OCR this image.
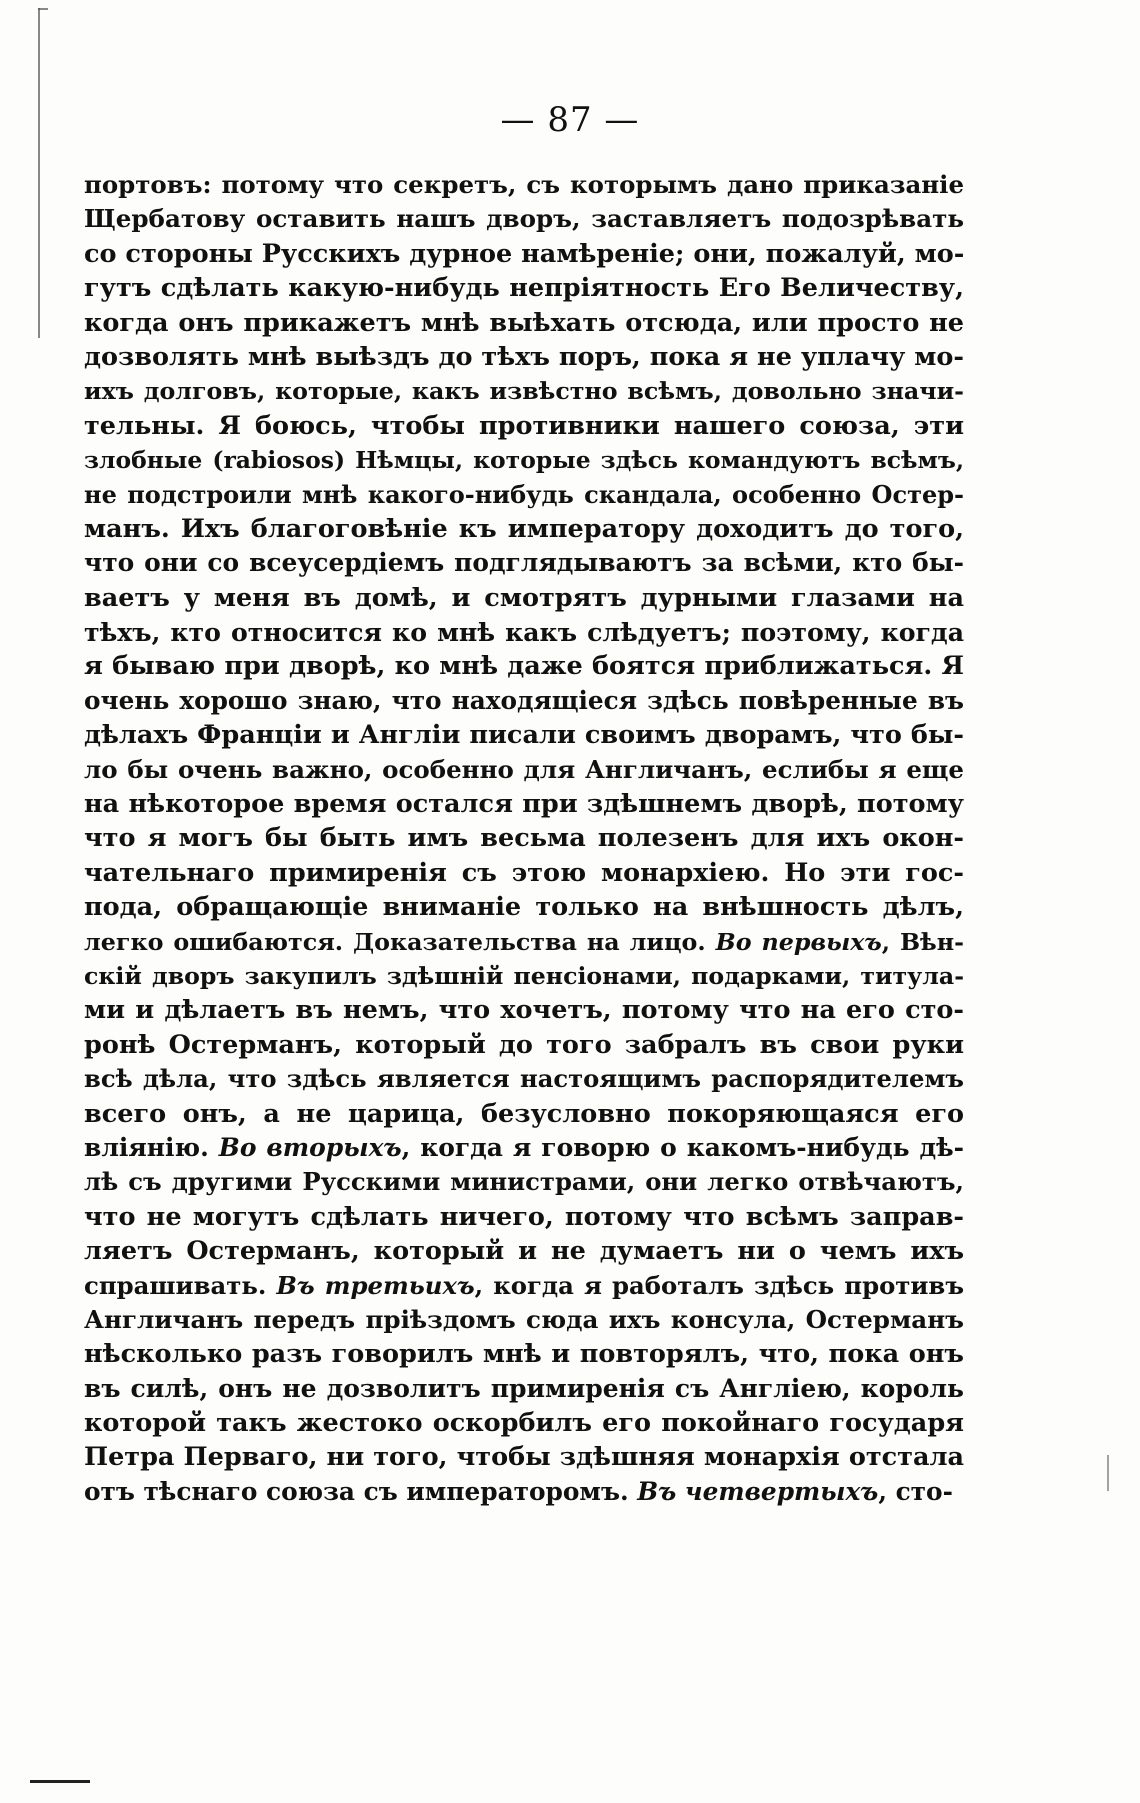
— 87 —
портовъ: потому что секретъ, съ которымъ дано приказаніе
Щербатову оставить нашъ дворъ, заставляетъ подозрѣвать
со стороны Русскихъ дурное намѣреніе; они, пожалуй, мо-
гутъ сдѣлать какую-нибудь непріятность Его Величеству,
когда онъ прикажетъ мнѣ выѣхать отсюда, или просто не
дозволять мнѣ выѣздъ до тѣхъ поръ, пока я не уплачу мо-
ихъ долговъ, которые, какъ извѣстно всѣмъ, довольно значи-
тельны. Я боюсь, чтобы противники нашего союза, эти
злобные (rabiosos) Нѣмцы, которые здѣсь командуютъ всѣмъ,
не подстроили мнѣ какого-нибудь скандала, особенно Остер-
манъ. Ихъ благоговѣніе къ императору доходитъ до того,
что они со всеусердіемъ подглядываютъ за всѣми, кто бы-
ваетъ у меня въ домѣ, и смотрятъ дурными глазами на
тѣхъ, кто относится ко мнѣ какъ слѣдуетъ; поэтому, когда
я бываю при дворѣ, ко мнѣ даже боятся приближаться. Я
очень хорошо знаю, что находящіеся здѣсь повѣренные въ
дѣлахъ Франціи и Англіи писали своимъ дворамъ, что бы-
ло бы очень важно, особенно для Англичанъ, еслибы я еще
на нѣкоторое время остался при здѣшнемъ дворѣ, потому
что я могъ бы быть имъ весьма полезенъ для ихъ окон-
чательнаго примиренія съ этою монархіею. Но эти гос-
пода, обращающіе вниманіе только на внѣшность дѣлъ,
легко ошибаются. Доказательства на лицо. Во первыхъ, Вѣн-
скій дворъ закупилъ здѣшній пенсіонами, подарками, титула-
ми и дѣлаетъ въ немъ, что хочетъ, потому что на его сто-
ронѣ Остерманъ, который до того забралъ въ свои руки
всѣ дѣла, что здѣсь является настоящимъ распорядителемъ
всего онъ, а не царица, безусловно покоряющаяся его
вліянію. Во вторыхъ, когда я говорю о какомъ-нибудь дѣ-
лѣ съ другими Русскими министрами, они легко отвѣчаютъ,
что не могутъ сдѣлать ничего, потому что всѣмъ заправ-
ляетъ Остерманъ, который и не думаетъ ни о чемъ ихъ
спрашивать. Въ третьихъ, когда я работалъ здѣсь противъ
Англичанъ передъ пріѣздомъ сюда ихъ консула, Остерманъ
нѣсколько разъ говорилъ мнѣ и повторялъ, что, пока онъ
въ силѣ, онъ не дозволитъ примиренія съ Англіею, король
которой такъ жестоко оскорбилъ его покойнаго государя
Петра Перваго, ни того, чтобы здѣшняя монархія отстала
отъ тѣснаго союза съ императоромъ. Въ четвертыхъ, сто-
